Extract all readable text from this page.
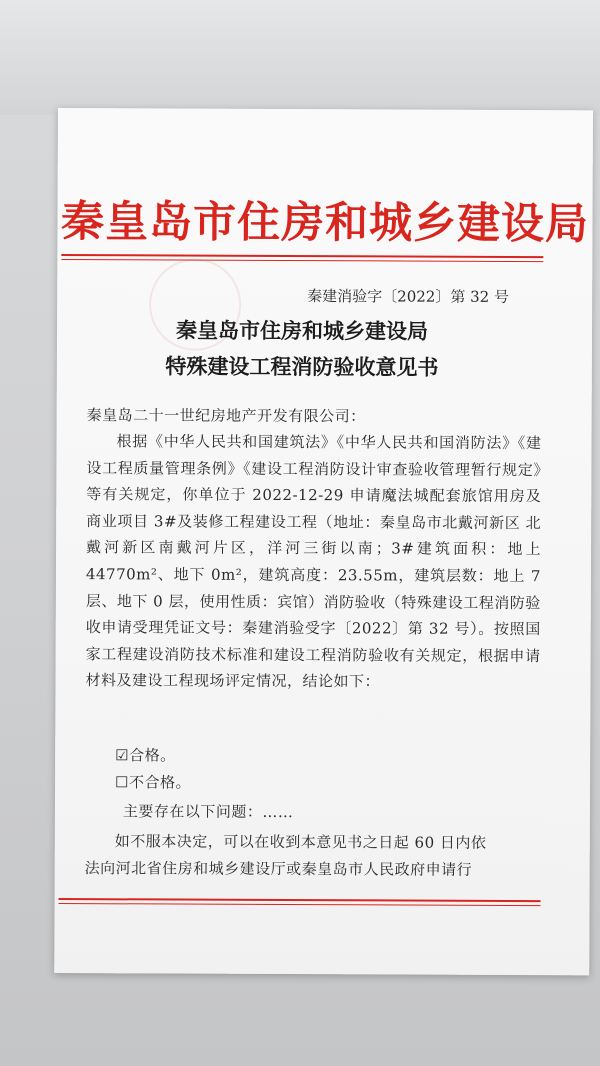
秦皇岛市住房和城乡建设局
秦建消验字〔2022〕第 32 号
秦皇岛市住房和城乡建设局
特殊建设工程消防验收意见书
秦皇岛二十一世纪房地产开发有限公司：
根据《中华人民共和国建筑法》《中华人民共和国消防法》《建设工程质量管理条例》《建设工程消防设计审查验收管理暂行规定》等有关规定，你单位于 2022-12-29 申请魔法城配套旅馆用房及商业项目 3#及装修工程建设工程（地址：秦皇岛市北戴河新区 北戴河新区南戴河片区，洋河三街以南；3#建筑面积：地上 44770m²、地下 0m²，建筑高度：23.55m，建筑层数：地上 7 层、地下 0 层，使用性质：宾馆）消防验收（特殊建设工程消防验收申请受理凭证文号：秦建消验受字〔2022〕第 32 号）。按照国家工程建设消防技术标准和建设工程消防验收有关规定，根据申请材料及建设工程现场评定情况，结论如下：
☑合格。
☐不合格。
主要存在以下问题：……
如不服本决定，可以在收到本意见书之日起 60 日内依
法向河北省住房和城乡建设厅或秦皇岛市人民政府申请行
